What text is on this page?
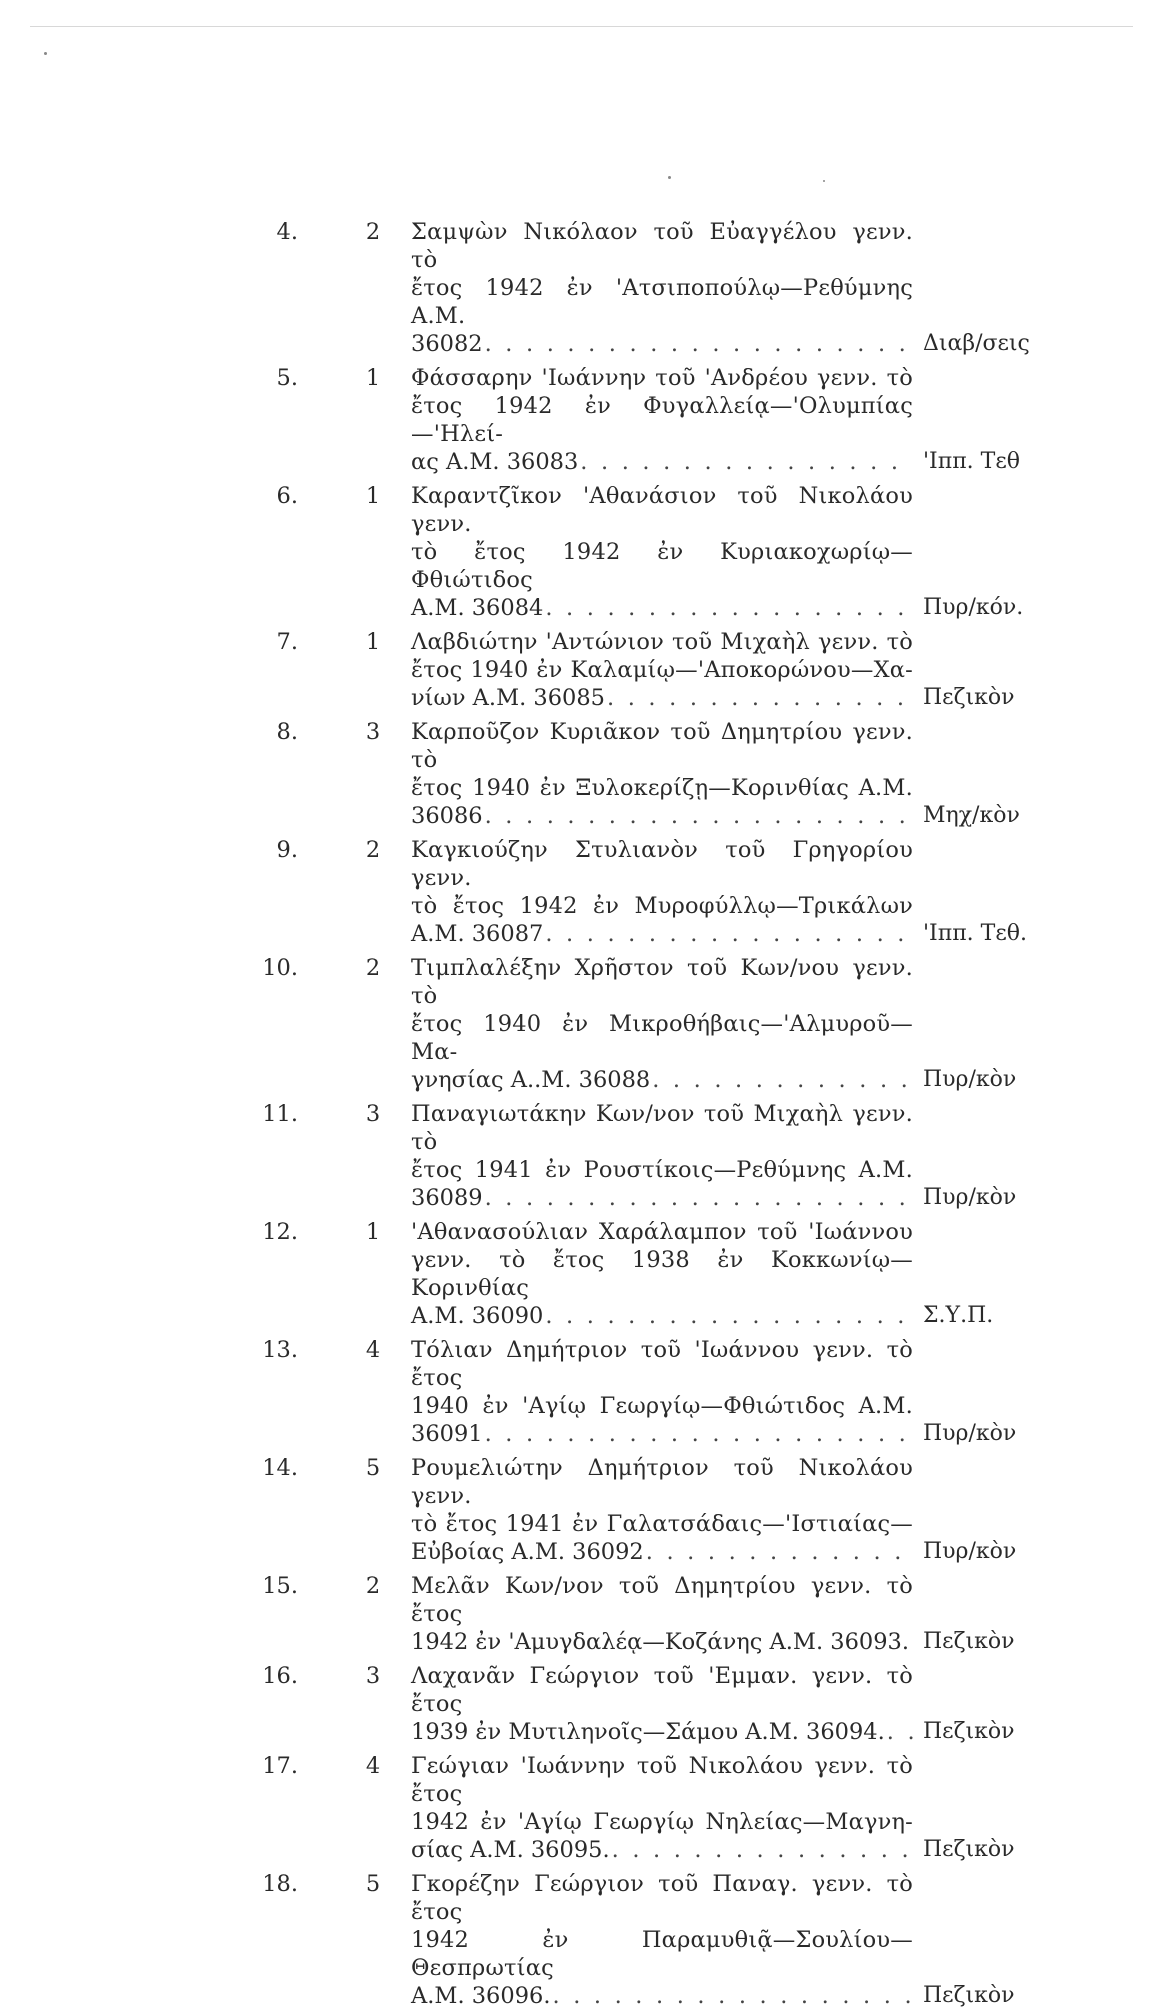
4.	2	Σαμψὼν Νικόλαον τοῦ Εὐαγγέλου γενν. τὸ
ἔτος 1942 ἐν 'Ατσιποπούλῳ—Ρεθύμνης Α.Μ.
36082 . . .	Διαβ/σεις
5.	1	Φάσσαρην 'Ιωάννην τοῦ 'Ανδρέου γενν. τὸ
ἔτος 1942 ἐν Φυγαλλείᾳ—'Ολυμπίας—'Ηλεί-
ας Α.Μ. 36083 . . .	'Ιππ. Τεθ
6.	1	Καραντζῖκον 'Αθανάσιον τοῦ Νικολάου γενν.
τὸ ἔτος 1942 ἐν Κυριακοχωρίῳ—Φθιώτιδος
Α.Μ. 36084 . . .	Πυρ/κόν.
7.	1	Λαβδιώτην 'Αντώνιον τοῦ Μιχαὴλ γενν. τὸ
ἔτος 1940 ἐν Καλαμίῳ—'Αποκορώνου—Χα-
νίων Α.Μ. 36085 . . .	Πεζικὸν
8.	3	Καρποῦζον Κυριᾶκον τοῦ Δημητρίου γενν. τὸ
ἔτος 1940 ἐν Ξυλοκερίζῃ—Κορινθίας Α.Μ.
36086 . . .	Μηχ/κὸν
9.	2	Καγκιούζην Στυλιανὸν τοῦ Γρηγορίου γενν.
τὸ ἔτος 1942 ἐν Μυροφύλλῳ—Τρικάλων
Α.Μ. 36087 . . .	'Ιππ. Τεθ.
10.	2	Τιμπλαλέξην Χρῆστον τοῦ Κων/νου γενν. τὸ
ἔτος 1940 ἐν Μικροθήβαις—'Αλμυροῦ—Μα-
γνησίας Α..Μ. 36088 . . .	Πυρ/κὸν
11.	3	Παναγιωτάκην Κων/νον τοῦ Μιχαὴλ γενν. τὸ
ἔτος 1941 ἐν Ρουστίκοις—Ρεθύμνης Α.Μ.
36089 . . .	Πυρ/κὸν
12.	1	'Αθανασούλιαν Χαράλαμπον τοῦ 'Ιωάννου
γενν. τὸ ἔτος 1938 ἐν Κοκκωνίῳ—Κορινθίας
Α.Μ. 36090 . . .	Σ.Υ.Π.
13.	4	Τόλιαν Δημήτριον τοῦ 'Ιωάννου γενν. τὸ ἔτος
1940 ἐν 'Αγίῳ Γεωργίῳ—Φθιώτιδος Α.Μ.
36091 . . .	Πυρ/κὸν
14.	5	Ρουμελιώτην Δημήτριον τοῦ Νικολάου γενν.
τὸ ἔτος 1941 ἐν Γαλατσάδαις—'Ιστιαίας—
Εὐβοίας Α.Μ. 36092 . . .	Πυρ/κὸν
15.	2	Μελᾶν Κων/νον τοῦ Δημητρίου γενν. τὸ ἔτος
1942 ἐν 'Αμυγδαλέᾳ—Κοζάνης Α.Μ. 36093. . . . Πεζικὸν
16.	3	Λαχανᾶν Γεώργιον τοῦ 'Εμμαν. γενν. τὸ ἔτος
1939 ἐν Μυτιληνοῖς—Σάμου Α.Μ. 36094. . . . Πεζικὸν
17.	4	Γεώγιαν 'Ιωάννην τοῦ Νικολάου γενν. τὸ ἔτος
1942 ἐν 'Αγίῳ Γεωργίῳ Νηλείας—Μαγνη-
σίας Α.Μ. 36095. . . .	Πεζικὸν
18.	5	Γκορέζην Γεώργιον τοῦ Παναγ. γενν. τὸ ἔτος
1942 ἐν Παραμυθιᾷ—Σουλίου—Θεσπρωτίας
Α.Μ. 36096. . . .	Πεζικὸν
